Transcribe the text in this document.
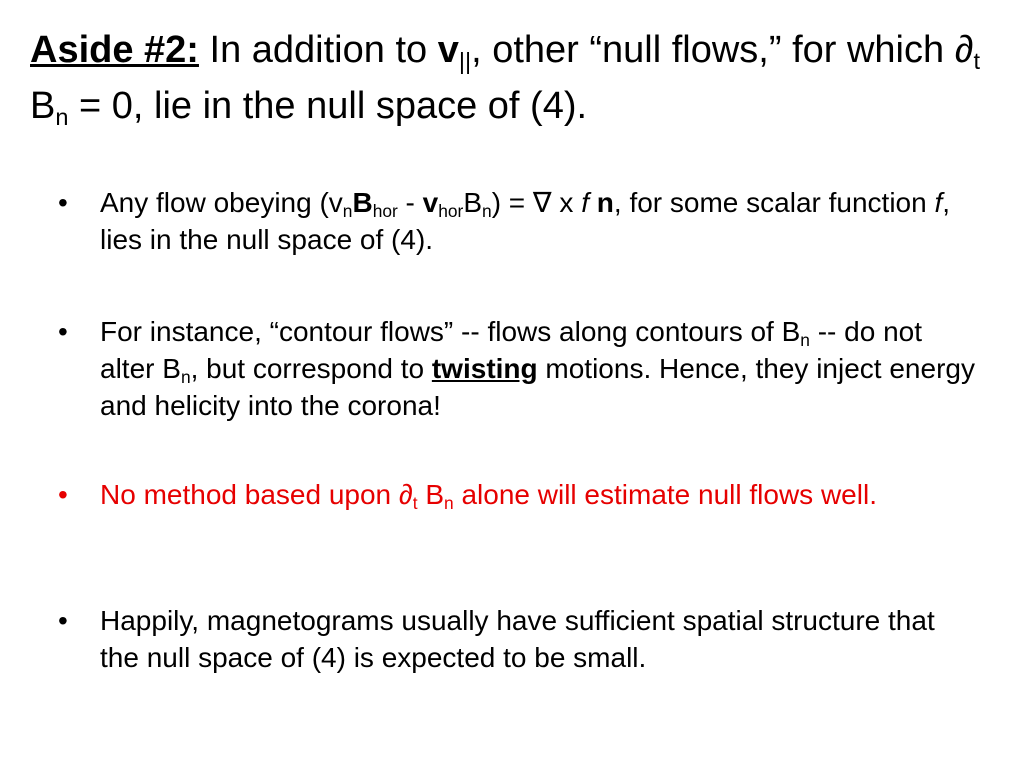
Aside #2: In addition to $v_{||}$, other “null flows,” for which $\partial_t$ $B_n = 0$, lie in the null space of (4).
•	Any flow obeying $(v_nB_{hor} - v_{hor}B_n)$ = ∇ x f n, for some scalar function f, lies in the null space of (4).
•	For instance, “contour flows” -- flows along contours of $B_n$ -- do not alter $B_n$, but correspond to twisting motions. Hence, they inject energy and helicity into the corona!
•	No method based upon $\partial_t$ $B_n$ alone will estimate null flows well.
•	Happily, magnetograms usually have sufficient spatial structure that the null space of (4) is expected to be small.
